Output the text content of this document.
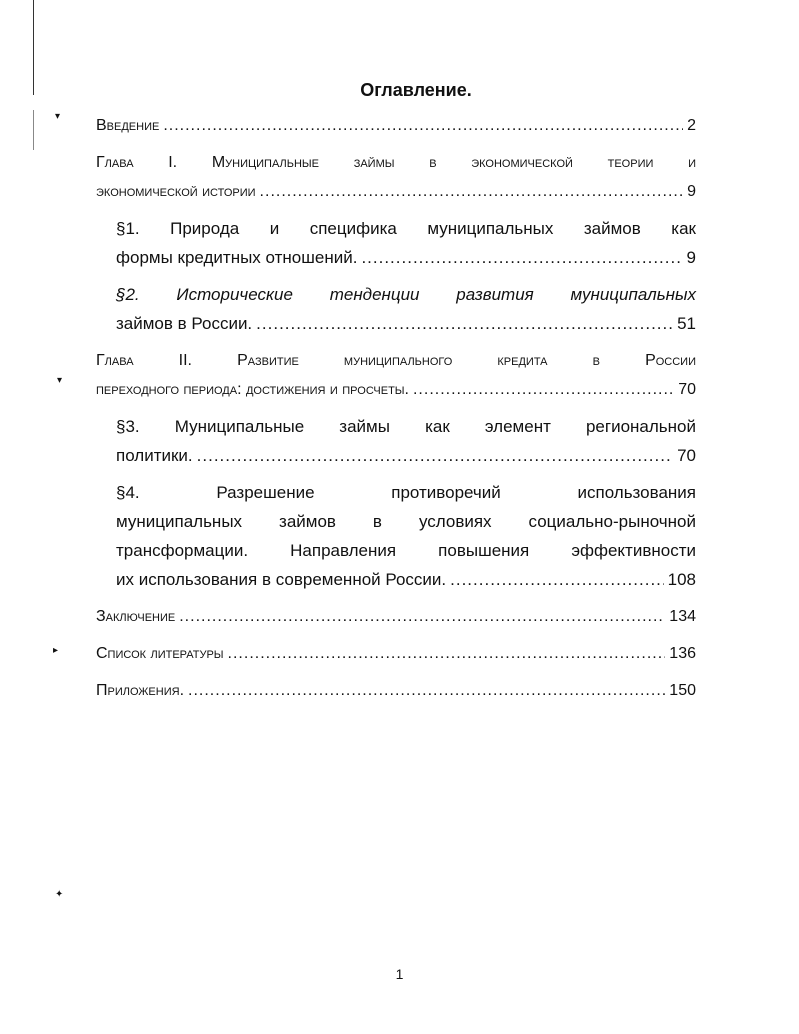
▾
▾
▸
✦
Оглавление.
Введение .....	2
Глава I. Муниципальные займы в экономической теории и
экономической истории .....	9
§1. Природа и специфика муниципальных займов как
формы кредитных отношений. .....	9
§2. Исторические тенденции развития муниципальных
займов в России. .....	51
Глава II. Развитие муниципального кредита в России
переходного периода: достижения и просчеты. .....	70
§3. Муниципальные займы как элемент региональной
политики. .....	70
§4. Разрешение противоречий использования
муниципальных займов в условиях социально-рыночной
трансформации. Направления повышения эффективности
их использования в современной России. .....	108
Заключение .....	134
Список литературы .....	136
Приложения. .....	150
1
